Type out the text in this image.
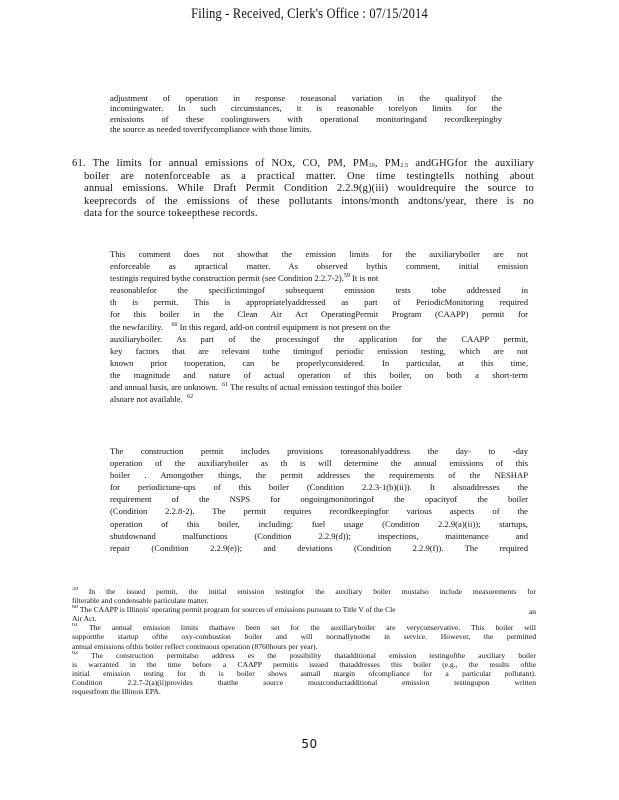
Filing - Received, Clerk's Office : 07/15/2014
adjustment of operation in response toseasonal variation in the qualityof the
incomingwater. In such circumstances, it is reasonable torelyon limits for the
emissions of these coolingtowers with operational monitoringand recordkeepingby
the source as needed toverifycompliance with those limits.
61. The limits for annual emissions of NOx, CO, PM, $PM_{10}$, $PM_{2.5}$ andGHGfor the auxiliary
boiler are notenforceable as a practical matter. One time testingtells nothing about
annual emissions. While Draft Permit Condition 2.2.9(g)(iii) wouldrequire the source to
keeprecords of the emissions of these pollutants intons/month andtons/year, there is no
data for the source tokeepthese records.
This comment does not showthat the emission limits for the auxiliaryboiler are not
enforceable as apractical matter. As observed bythis comment, initial emission
testingis required bythe construction permit (see Condition 2.2.7-2).$^{59}$ It is not
reasonablefor the specifictimingof subsequent emission tests tobe addressed in
th is permit. This is appropriatelyaddressed as part of PeriodicMonitoring required
for this boiler in the Clean Air Act OperatingPermit Program (CAAPP) permit for
the newfacility. $^{60}$ In this regard, add-on control equipment is not present on the
auxiliaryboiler. As part of the processingof the application for the CAAPP permit,
key factors that are relevant tothe timingof periodic emission testing, which are not
known prior tooperation, can be properlyconsidered. In particular, at this time,
the magnitude and nature of actual operation of this boiler, on both a short-term
and annual basis, are unknown. $^{61}$ The results of actual emission testingof this boiler
alsoare not available. $^{62}$
The construction permit includes provisions toreasonablyaddress the day- to -day
operation of the auxiliaryboiler as th is will determine the annual emissions of this
boiler . Amongother things, the permit addresses the requirements of the NESHAP
for periodictune-ups of this boiler (Condition 2.2.3-1(b)(ii)). It alsoaddresses the
requirement of the NSPS for ongoingmonitoringof the opacityof the boiler
(Condition 2.2.8-2). The permit requires recordkeepingfor various aspects of the
operation of this boiler, including: fuel usage (Condition 2.2.9(a)(ii)); startups,
shutdownand malfunctions (Condition 2.2.9(d)); inspections, maintenance and
repair (Condition 2.2.9(e)); and deviations (Condition 2.2.9(f)). The required
$^{59}$ In the issued permit, the initial emission testingfor the auxiliary boiler mustalso include measurements for
filterable and condensable particulate matter.
$^{60}$ The CAAPP is Illinois' operating permit program for sources of emissions pursuant to Title V of the Cle	an
Air Act.
$^{61}$ The annual emission limits thathave been set for the auxiliaryboiler are veryconservative. This boiler will
supportthe startup ofthe oxy-combustion boiler and will normallynotbe in service. However, the permitted
annual emissions ofthis boiler reflect continuous operation (8760hours per year).
$^{62}$ The construction permitalso address es the possibility thatadditional emission testingofthe auxiliary boiler
is warranted in the time before a CAAPP permitis issued thataddresses this boiler (e.g., the results ofthe
initial emission testing for th is boiler shows asmall margin ofcompliance for a particular pollutant).
Condition 2.2.7-2(a)(ii)provides thatthe source mustconductadditional emission testingupon written
requestfrom the Illinois EPA.
50
